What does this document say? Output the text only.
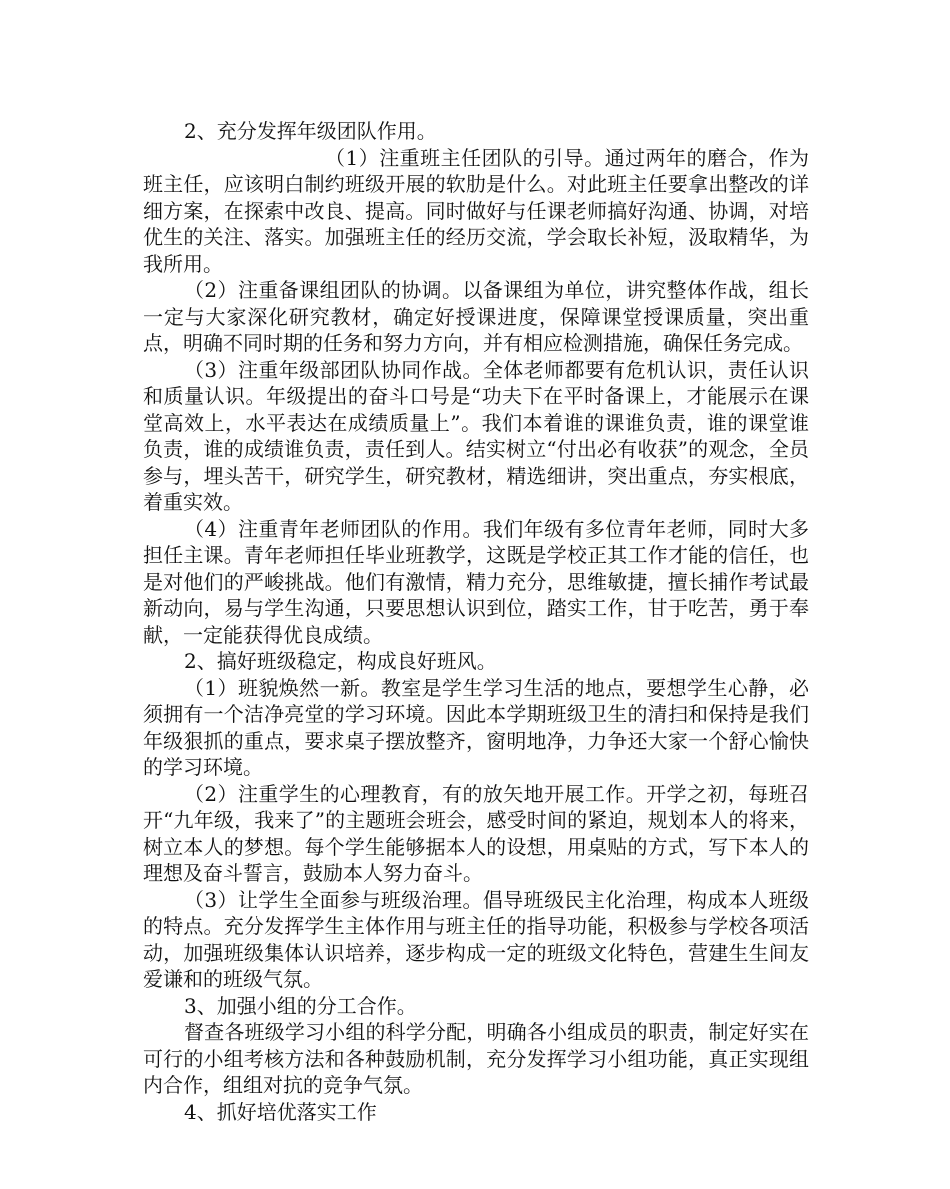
2、充分发挥年级团队作用。

（1）注重班主任团队的引导。通过两年的磨合，作为班主任，应该明白制约班级开展的软肋是什么。对此班主任要拿出整改的详细方案，在探索中改良、提高。同时做好与任课老师搞好沟通、协调，对培优生的关注、落实。加强班主任的经历交流，学会取长补短，汲取精华，为我所用。

（2）注重备课组团队的协调。以备课组为单位，讲究整体作战，组长一定与大家深化研究教材，确定好授课进度，保障课堂授课质量，突出重点，明确不同时期的任务和努力方向，并有相应检测措施，确保任务完成。

（3）注重年级部团队协同作战。全体老师都要有危机认识，责任认识和质量认识。年级提出的奋斗口号是“功夫下在平时备课上，才能展示在课堂高效上，水平表达在成绩质量上”。我们本着谁的课谁负责，谁的课堂谁负责，谁的成绩谁负责，责任到人。结实树立“付出必有收获”的观念，全员参与，埋头苦干，研究学生，研究教材，精选细讲，突出重点，夯实根底，着重实效。

（4）注重青年老师团队的作用。我们年级有多位青年老师，同时大多担任主课。青年老师担任毕业班教学，这既是学校正其工作才能的信任，也是对他们的严峻挑战。他们有激情，精力充分，思维敏捷，擅长捕作考试最新动向，易与学生沟通，只要思想认识到位，踏实工作，甘于吃苦，勇于奉献，一定能获得优良成绩。

2、搞好班级稳定，构成良好班风。

（1）班貌焕然一新。教室是学生学习生活的地点，要想学生心静，必须拥有一个洁净亮堂的学习环境。因此本学期班级卫生的清扫和保持是我们年级狠抓的重点，要求桌子摆放整齐，窗明地净，力争还大家一个舒心愉快的学习环境。

（2）注重学生的心理教育，有的放矢地开展工作。开学之初，每班召开“九年级，我来了”的主题班会班会，感受时间的紧迫，规划本人的将来，树立本人的梦想。每个学生能够据本人的设想，用桌贴的方式，写下本人的理想及奋斗誓言，鼓励本人努力奋斗。

（3）让学生全面参与班级治理。倡导班级民主化治理，构成本人班级的特点。充分发挥学生主体作用与班主任的指导功能，积极参与学校各项活动，加强班级集体认识培养，逐步构成一定的班级文化特色，营建生生间友爱谦和的班级气氛。

3、加强小组的分工合作。

督查各班级学习小组的科学分配，明确各小组成员的职责，制定好实在可行的小组考核方法和各种鼓励机制，充分发挥学习小组功能，真正实现组内合作，组组对抗的竞争气氛。

4、抓好培优落实工作
